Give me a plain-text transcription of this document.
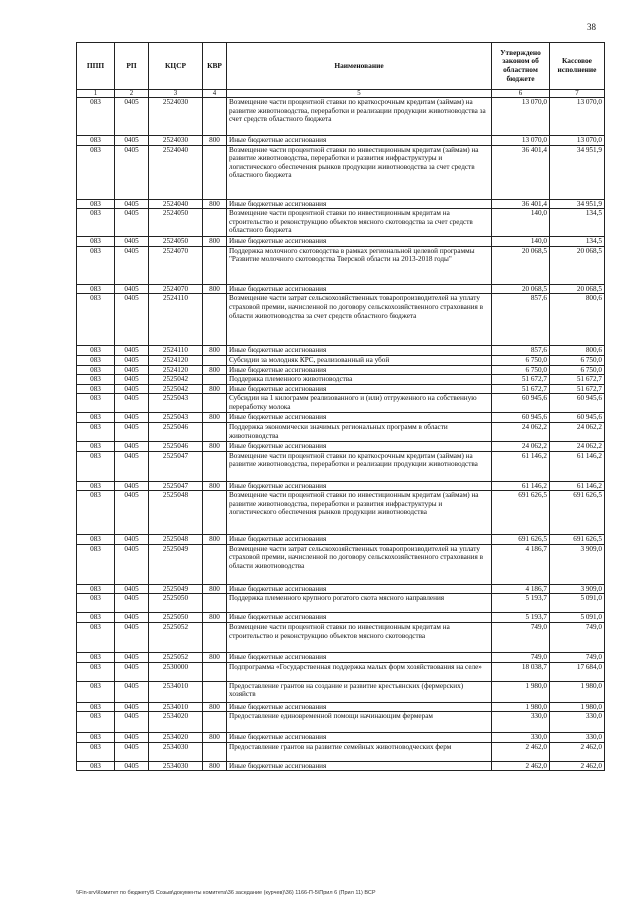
38
ППП	РП	КЦСР	КВР	Наименование	Утверждено законом об областном бюджете	Кассовое исполнение
1	2	3	4	5	6	7
083	0405	2524030		Возмещение части процентной ставки по краткосрочным кредитам (займам) на развитие животноводства, переработки и реализации продукции животноводства за счет средств областного бюджета	13 070,0	13 070,0
083	0405	2524030	800	Иные бюджетные ассигнования	13 070,0	13 070,0
083	0405	2524040		Возмещение части процентной ставки по инвестиционным кредитам (займам) на развитие животноводства, переработки и развития инфраструктуры и логистического обеспечения рынков продукции животноводства за счет средств областного бюджета	36 401,4	34 951,9
083	0405	2524040	800	Иные бюджетные ассигнования	36 401,4	34 951,9
083	0405	2524050		Возмещение части процентной ставки по инвестиционным кредитам на строительство и реконструкцию объектов мясного скотоводства за счет средств областного бюджета	140,0	134,5
083	0405	2524050	800	Иные бюджетные ассигнования	140,0	134,5
083	0405	2524070		Поддержка молочного скотоводства в рамках региональной целевой программы "Развитие молочного скотоводства Тверской области на 2013-2018 годы"	20 068,5	20 068,5
083	0405	2524070	800	Иные бюджетные ассигнования	20 068,5	20 068,5
083	0405	2524110		Возмещение части затрат сельскохозяйственных товаропроизводителей на уплату страховой премии, начисленной по договору сельскохозяйственного страхования в области животноводства за счет средств областного бюджета	857,6	800,6
083	0405	2524110	800	Иные бюджетные ассигнования	857,6	800,6
083	0405	2524120		Субсидии за молодняк КРС, реализованный на убой	6 750,0	6 750,0
083	0405	2524120	800	Иные бюджетные ассигнования	6 750,0	6 750,0
083	0405	2525042		Поддержка племенного животноводства	51 672,7	51 672,7
083	0405	2525042	800	Иные бюджетные ассигнования	51 672,7	51 672,7
083	0405	2525043		Субсидии на 1 килограмм реализованного и (или) отгруженного на собственную переработку молока	60 945,6	60 945,6
083	0405	2525043	800	Иные бюджетные ассигнования	60 945,6	60 945,6
083	0405	2525046		Поддержка экономически значимых региональных программ в области животноводства	24 062,2	24 062,2
083	0405	2525046	800	Иные бюджетные ассигнования	24 062,2	24 062,2
083	0405	2525047		Возмещение части процентной ставки по краткосрочным кредитам (займам) на развитие животноводства, переработки и реализации продукции животноводства	61 146,2	61 146,2
083	0405	2525047	800	Иные бюджетные ассигнования	61 146,2	61 146,2
083	0405	2525048		Возмещение части процентной ставки по инвестиционным кредитам (займам) на развитие животноводства, переработки и развития инфраструктуры и логистического обеспечения рынков продукции животноводства	691 626,5	691 626,5
083	0405	2525048	800	Иные бюджетные ассигнования	691 626,5	691 626,5
083	0405	2525049		Возмещение части затрат сельскохозяйственных товаропроизводителей на уплату страховой премии, начисленной по договору сельскохозяйственного страхования в области животноводства	4 186,7	3 909,0
083	0405	2525049	800	Иные бюджетные ассигнования	4 186,7	3 909,0
083	0405	2525050		Поддержка племенного крупного рогатого скота мясного направления	5 193,7	5 091,0
083	0405	2525050	800	Иные бюджетные ассигнования	5 193,7	5 091,0
083	0405	2525052		Возмещение части процентной ставки по инвестиционным кредитам на строительство и реконструкцию объектов мясного скотоводства	749,0	749,0
083	0405	2525052	800	Иные бюджетные ассигнования	749,0	749,0
083	0405	2530000		Подпрограмма «Государственная поддержка малых форм хозяйствования на селе»	18 038,7	17 684,0
083	0405	2534010		Предоставление грантов на создание и развитие крестьянских (фермерских) хозяйств	1 980,0	1 980,0
083	0405	2534010	800	Иные бюджетные ассигнования	1 980,0	1 980,0
083	0405	2534020		Предоставление единовременной помощи начинающим фермерам	330,0	330,0
083	0405	2534020	800	Иные бюджетные ассигнования	330,0	330,0
083	0405	2534030		Предоставление грантов на развитие семейных животноводческих ферм	2 462,0	2 462,0
083	0405	2534030	800	Иные бюджетные ассигнования	2 462,0	2 462,0
\\Fin-srv\Комитет по бюджету\5 Созыв\документы комитета\36 заседание (курчев)\36) 1166-П-5\Прил 6 (Прил 11) ВСР
